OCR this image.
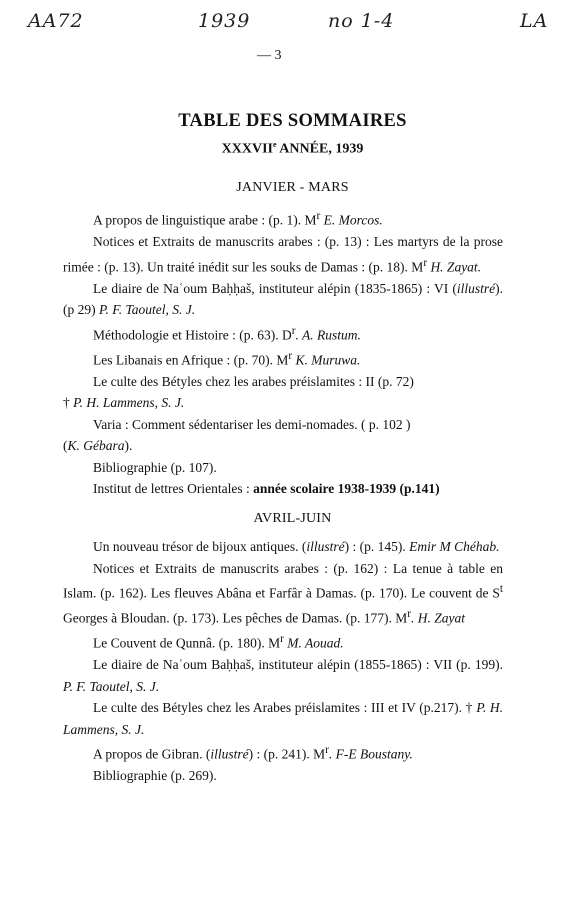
AA72	1939	no 1-4	LA
— 3
TABLE DES SOMMAIRES
XXXVIIe ANNÉE, 1939
JANVIER - MARS

A propos de linguistique arabe : (p. 1). $M^r$ E. Morcos.

Notices et Extraits de manuscrits arabes : (p. 13) : Les martyrs de la prose rimée : (p. 13). Un traité inédit sur les souks de Damas : (p. 18). $M^r$ H. Zayat.

Le diaire de Naʿoum Baḥḥaš, instituteur alépin (1835-1865) : VI (illustré). (p 29) P. F. Taoutel, S. J.

Méthodologie et Histoire : (p. 63). $D^r$. A. Rustum.

Les Libanais en Afrique : (p. 70). $M^r$ K. Muruwa.

Le culte des Bétyles chez les arabes préislamites : II (p. 72)

† P. H. Lammens, S. J.

Varia : Comment sédentariser les demi-nomades. ( p. 102 )

(K. Gébara).

Bibliographie (p. 107).

Institut de lettres Orientales : année scolaire 1938-1939 (p.141)

AVRIL-JUIN

Un nouveau trésor de bijoux antiques. (illustré) : (p. 145). Emir M Chéhab.

Notices et Extraits de manuscrits arabes : (p. 162) : La tenue à table en Islam. (p. 162). Les fleuves Abâna et Farfâr à Damas. (p. 170). Le couvent de $S^t$ Georges à Bloudan. (p. 173). Les pêches de Damas. (p. 177). $M^r$. H. Zayat

Le Couvent de Qunnâ. (p. 180). $M^r$ M. Aouad.

Le diaire de Naʿoum Baḥḥaš, instituteur alépin (1855-1865) : VII (p. 199). P. F. Taoutel, S. J.

Le culte des Bétyles chez les Arabes préislamites : III et IV (p.217). † P. H. Lammens, S. J.

A propos de Gibran. (illustré) : (p. 241). $M^r$. F-E Boustany.

Bibliographie (p. 269).
